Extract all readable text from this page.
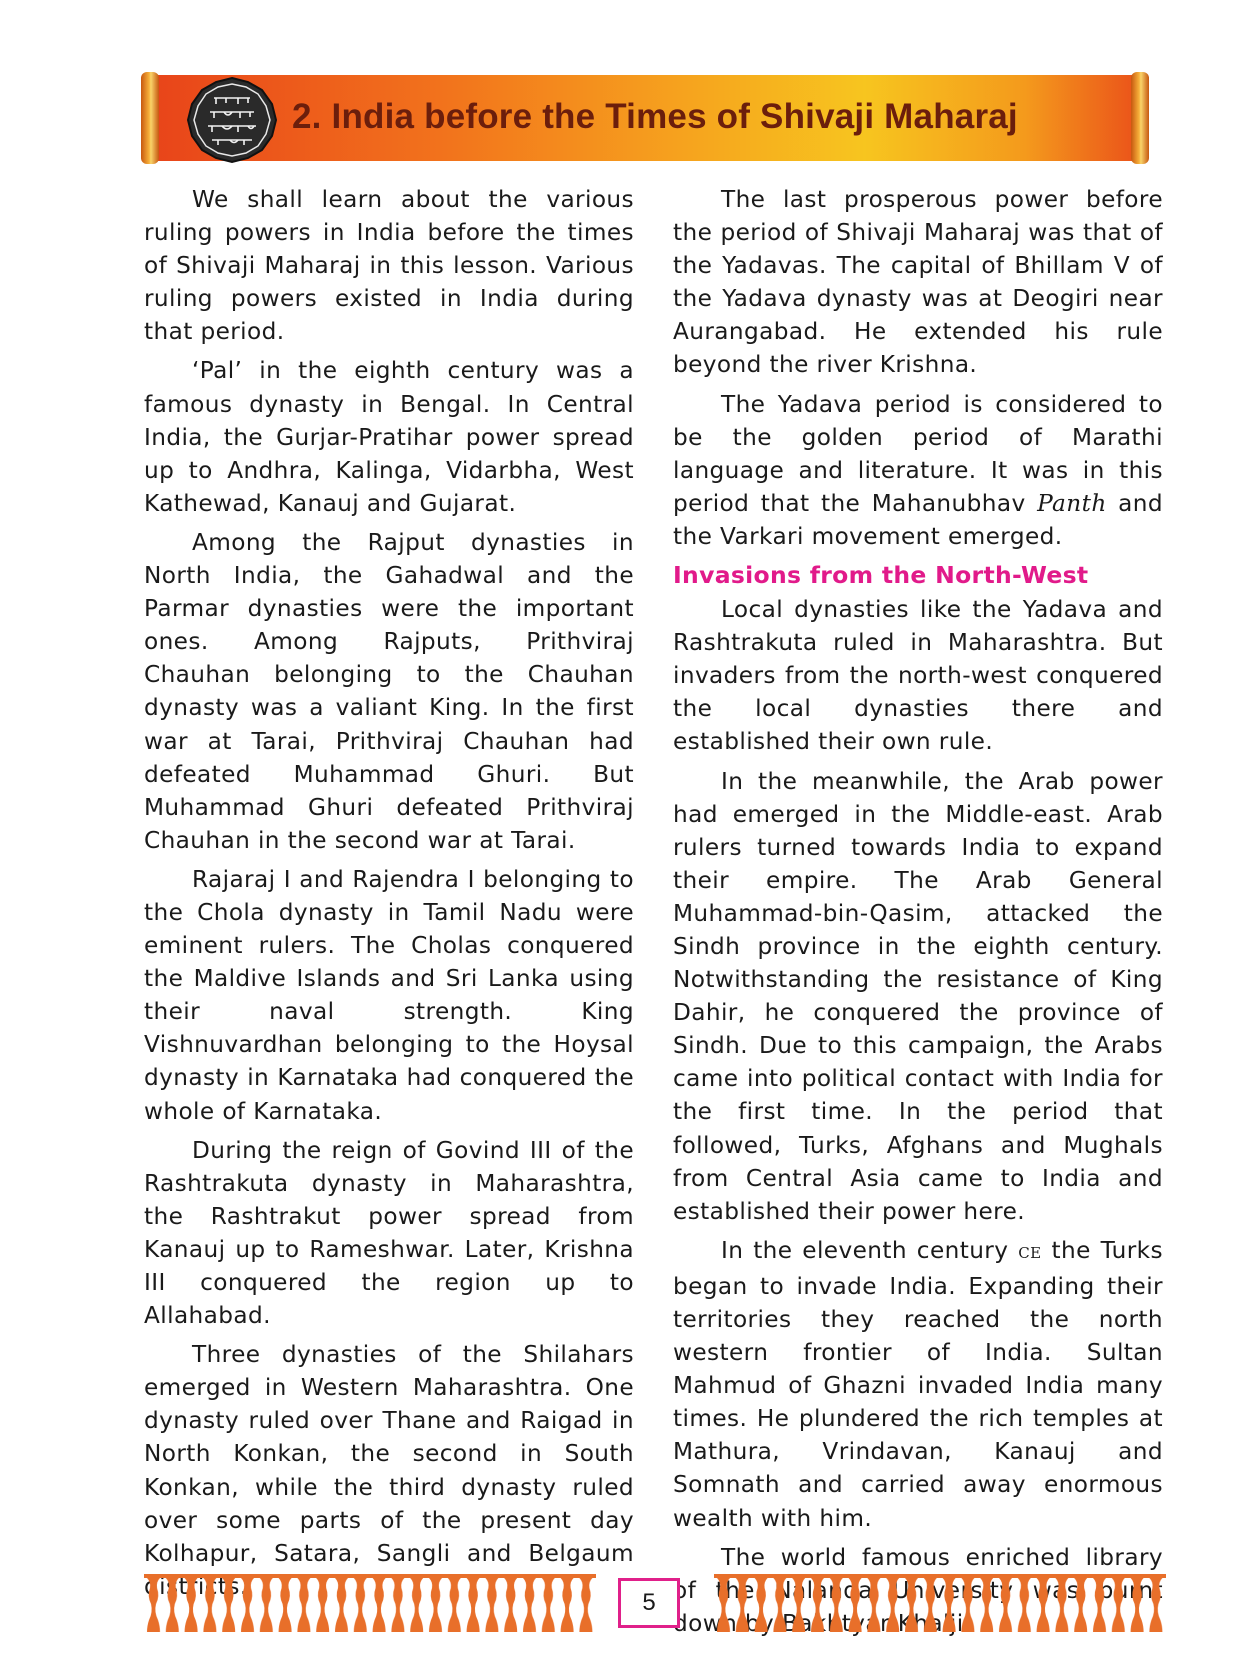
2. India before the Times of Shivaji Maharaj

We shall learn about the various ruling powers in India before the times of Shivaji Maharaj in this lesson. Various ruling powers existed in India during that period.

‘Pal’ in the eighth century was a famous dynasty in Bengal. In Central India, the Gurjar-Pratihar power spread up to Andhra, Kalinga, Vidarbha, West Kathewad, Kanauj and Gujarat.

Among the Rajput dynasties in North India, the Gahadwal and the Parmar dynasties were the important ones. Among Rajputs, Prithviraj Chauhan belonging to the Chauhan dynasty was a valiant King. In the first war at Tarai, Prithviraj Chauhan had defeated Muhammad Ghuri. But Muhammad Ghuri defeated Prithviraj Chauhan in the second war at Tarai.

Rajaraj I and Rajendra I belonging to the Chola dynasty in Tamil Nadu were eminent rulers. The Cholas conquered the Maldive Islands and Sri Lanka using their naval strength. King Vishnuvardhan belonging to the Hoysal dynasty in Karnataka had conquered the whole of Karnataka.

During the reign of Govind III of the Rashtrakuta dynasty in Maharashtra, the Rashtrakut power spread from Kanauj up to Rameshwar. Later, Krishna III conquered the region up to Allahabad.

Three dynasties of the Shilahars emerged in Western Maharashtra. One dynasty ruled over Thane and Raigad in North Konkan, the second in South Konkan, while the third dynasty ruled over some parts of the present day Kolhapur, Satara, Sangli and Belgaum

The last prosperous power before the period of Shivaji Maharaj was that of the Yadavas. The capital of Bhillam V of the Yadava dynasty was at Deogiri near Aurangabad. He extended his rule beyond the river Krishna.

The Yadava period is considered to be the golden period of Marathi language and literature. It was in this period that the Mahanubhav Panth and the Varkari movement emerged.

Invasions from the North-West

Local dynasties like the Yadava and Rashtrakuta ruled in Maharashtra. But invaders from the north-west conquered the local dynasties there and established their own rule.

In the meanwhile, the Arab power had emerged in the Middle-east. Arab rulers turned towards India to expand their empire. The Arab General Muhammad-bin-Qasim, attacked the Sindh province in the eighth century. Notwithstanding the resistance of King Dahir, he conquered the province of Sindh. Due to this campaign, the Arabs came into political contact with India for the first time. In the period that followed, Turks, Afghans and Mughals from Central Asia came to India and established their power here.

In the eleventh century CE the Turks began to invade India. Expanding their territories they reached the north western frontier of India. Sultan Mahmud of Ghazni invaded India many times. He plundered the rich temples at Mathura, Vrindavan, Kanauj and Somnath and carried away enormous wealth with him.

The world famous enriched library of down

5
